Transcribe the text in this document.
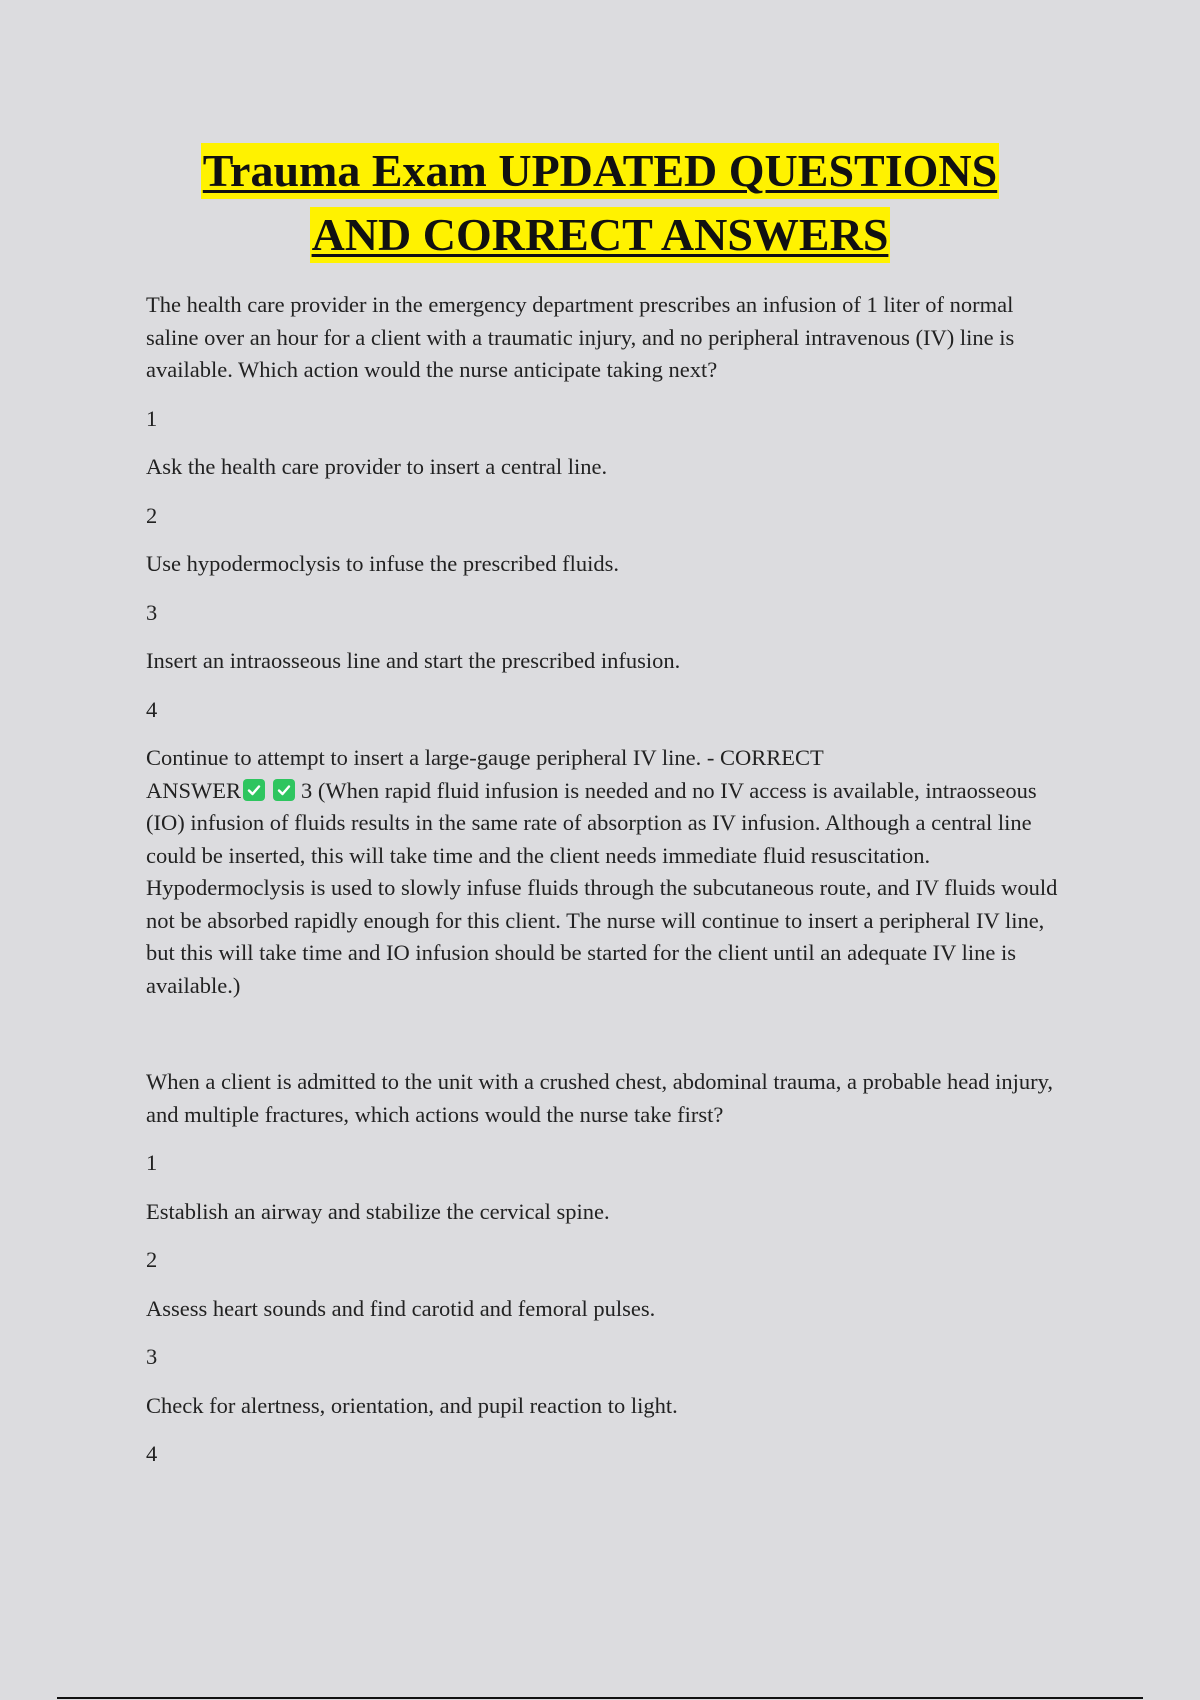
Trauma Exam UPDATED QUESTIONS
AND CORRECT ANSWERS

The health care provider in the emergency department prescribes an infusion of 1 liter of normal saline over an hour for a client with a traumatic injury, and no peripheral intravenous (IV) line is available. Which action would the nurse anticipate taking next?

1

Ask the health care provider to insert a central line.

2

Use hypodermoclysis to infuse the prescribed fluids.

3

Insert an intraosseous line and start the prescribed infusion.

4

Continue to attempt to insert a large-gauge peripheral IV line. - CORRECT
ANSWER	3 (When rapid fluid infusion is needed and no IV access is available, intraosseous (IO) infusion of fluids results in the same rate of absorption as IV infusion. Although a central line could be inserted, this will take time and the client needs immediate fluid resuscitation. Hypodermoclysis is used to slowly infuse fluids through the subcutaneous route, and IV fluids would not be absorbed rapidly enough for this client. The nurse will continue to insert a peripheral IV line, but this will take time and IO infusion should be started for the client until an adequate IV line is available.)

When a client is admitted to the unit with a crushed chest, abdominal trauma, a probable head injury, and multiple fractures, which actions would the nurse take first?

1

Establish an airway and stabilize the cervical spine.

2

Assess heart sounds and find carotid and femoral pulses.

3

Check for alertness, orientation, and pupil reaction to light.

4
